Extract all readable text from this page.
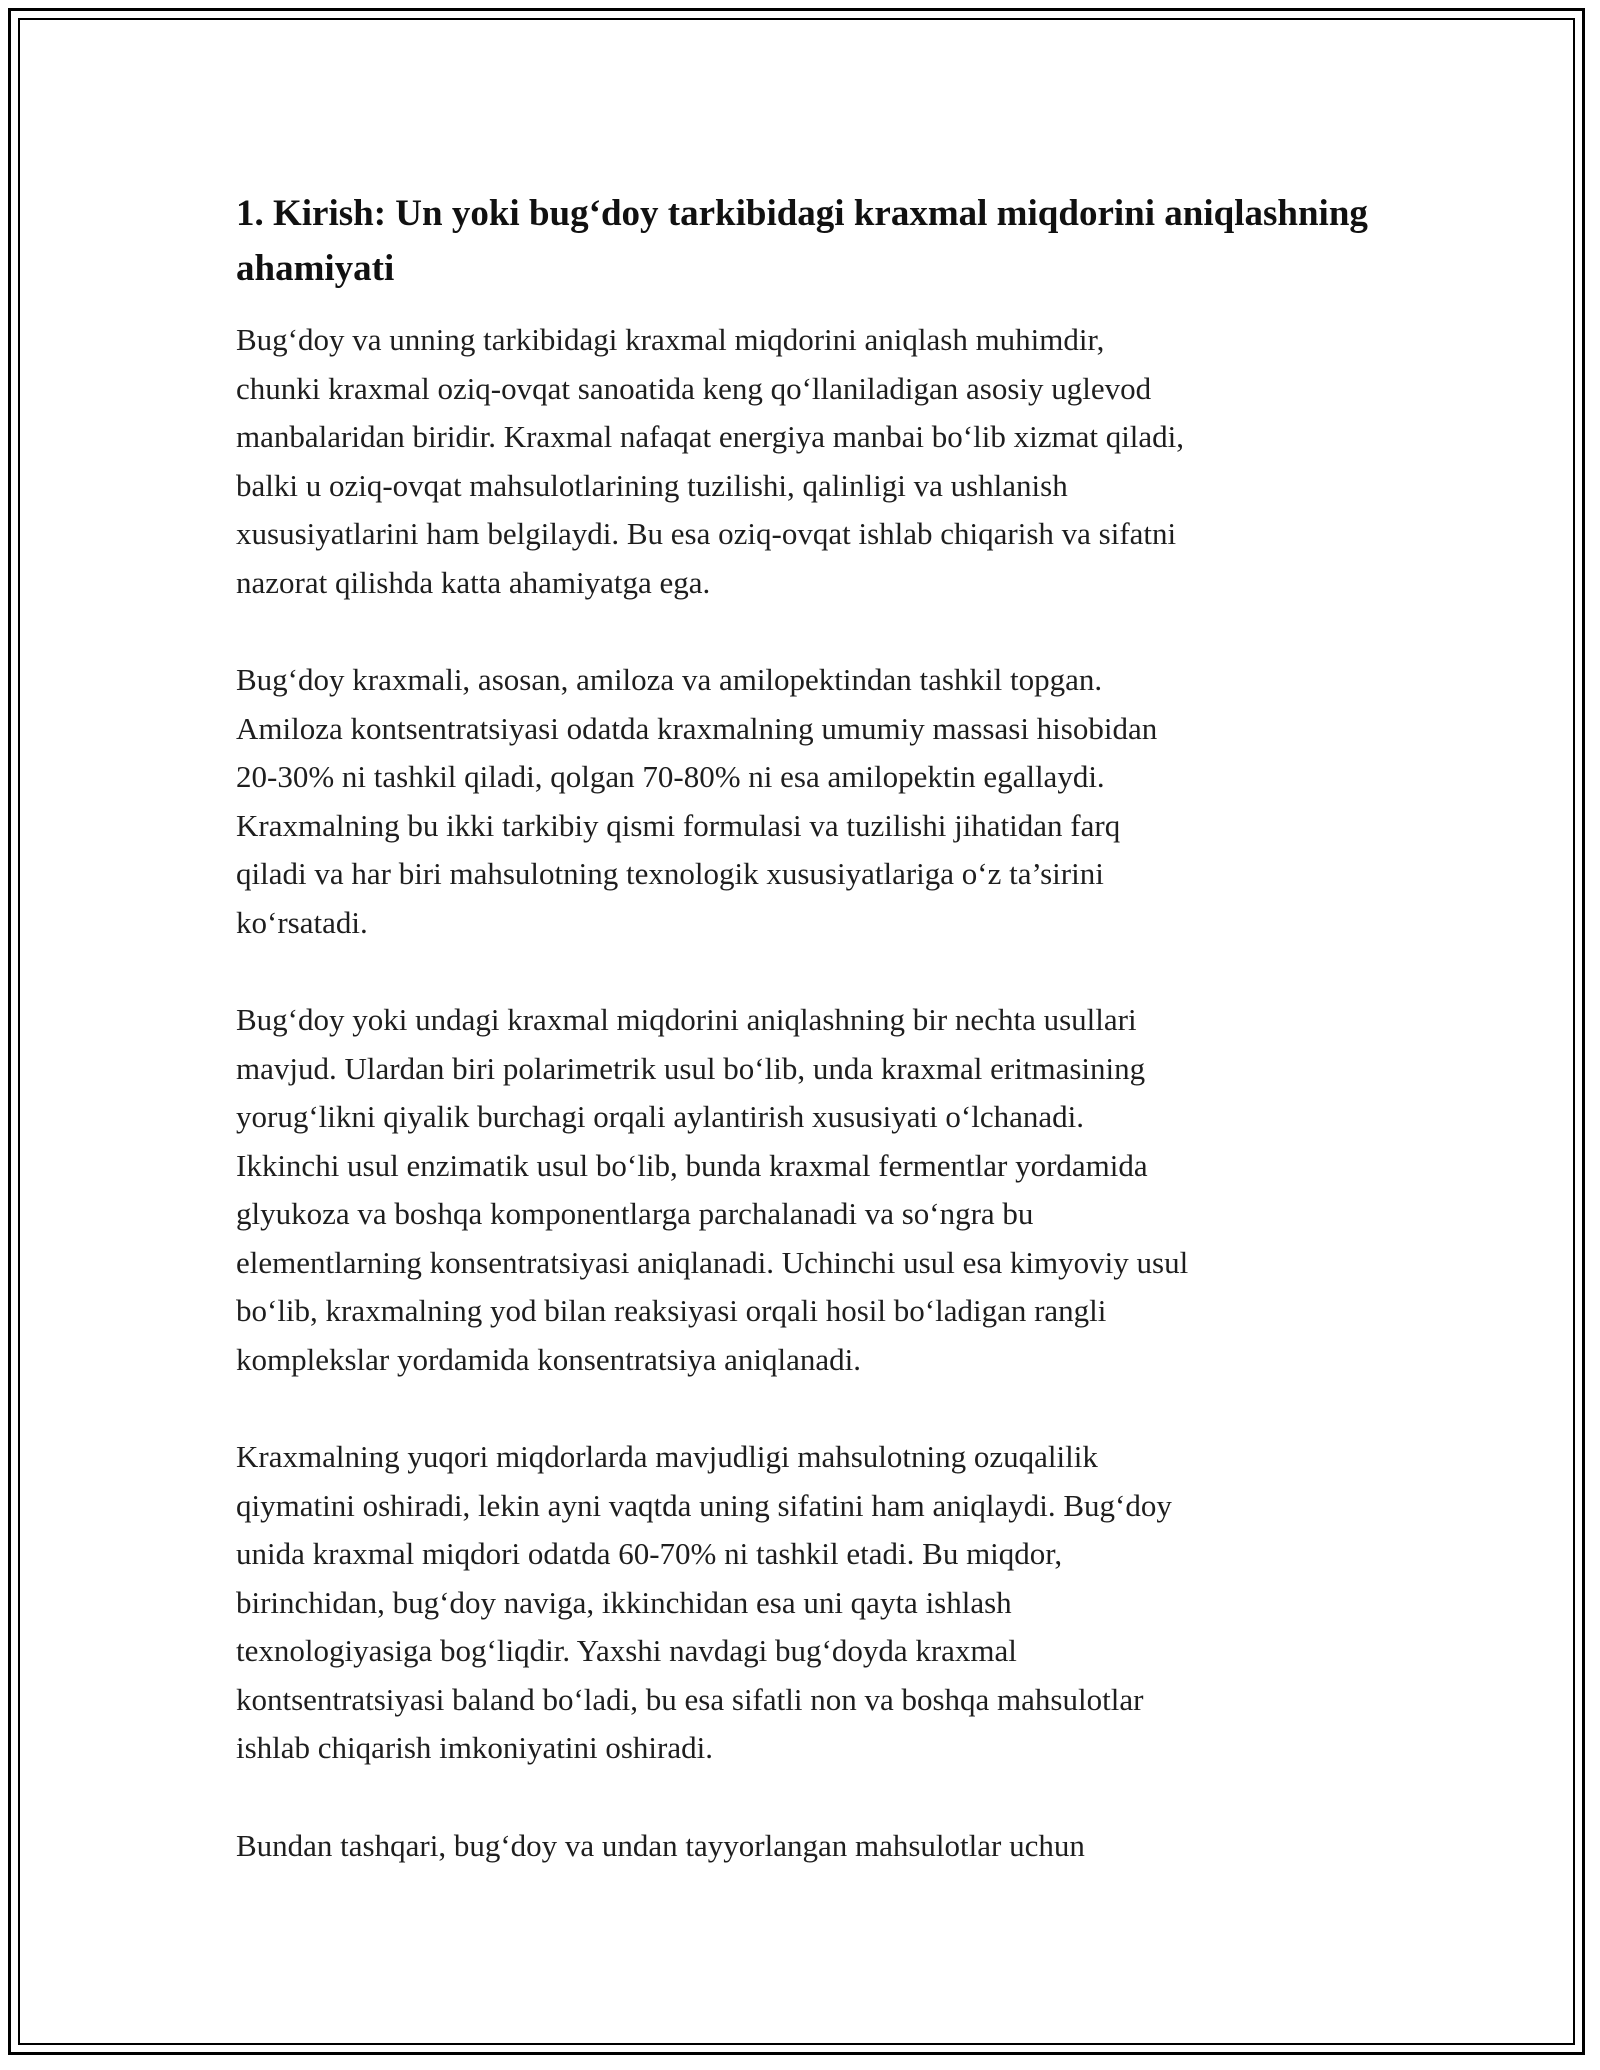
1. Kirish: Un yoki bug‘doy tarkibidagi kraxmal miqdorini aniqlashning ahamiyati

Bug‘doy va unning tarkibidagi kraxmal miqdorini aniqlash muhimdir,
chunki kraxmal oziq-ovqat sanoatida keng qo‘llaniladigan asosiy uglevod
manbalaridan biridir. Kraxmal nafaqat energiya manbai bo‘lib xizmat qiladi,
balki u oziq-ovqat mahsulotlarining tuzilishi, qalinligi va ushlanish
xususiyatlarini ham belgilaydi. Bu esa oziq-ovqat ishlab chiqarish va sifatni
nazorat qilishda katta ahamiyatga ega.

Bug‘doy kraxmali, asosan, amiloza va amilopektindan tashkil topgan.
Amiloza kontsentratsiyasi odatda kraxmalning umumiy massasi hisobidan
20-30% ni tashkil qiladi, qolgan 70-80% ni esa amilopektin egallaydi.
Kraxmalning bu ikki tarkibiy qismi formulasi va tuzilishi jihatidan farq
qiladi va har biri mahsulotning texnologik xususiyatlariga o‘z ta’sirini
ko‘rsatadi.

Bug‘doy yoki undagi kraxmal miqdorini aniqlashning bir nechta usullari
mavjud. Ulardan biri polarimetrik usul bo‘lib, unda kraxmal eritmasining
yorug‘likni qiyalik burchagi orqali aylantirish xususiyati o‘lchanadi.
Ikkinchi usul enzimatik usul bo‘lib, bunda kraxmal fermentlar yordamida
glyukoza va boshqa komponentlarga parchalanadi va so‘ngra bu
elementlarning konsentratsiyasi aniqlanadi. Uchinchi usul esa kimyoviy usul
bo‘lib, kraxmalning yod bilan reaksiyasi orqali hosil bo‘ladigan rangli
komplekslar yordamida konsentratsiya aniqlanadi.

Kraxmalning yuqori miqdorlarda mavjudligi mahsulotning ozuqalilik
qiymatini oshiradi, lekin ayni vaqtda uning sifatini ham aniqlaydi. Bug‘doy
unida kraxmal miqdori odatda 60-70% ni tashkil etadi. Bu miqdor,
birinchidan, bug‘doy naviga, ikkinchidan esa uni qayta ishlash
texnologiyasiga bog‘liqdir. Yaxshi navdagi bug‘doyda kraxmal
kontsentratsiyasi baland bo‘ladi, bu esa sifatli non va boshqa mahsulotlar
ishlab chiqarish imkoniyatini oshiradi.

Bundan tashqari, bug‘doy va undan tayyorlangan mahsulotlar uchun
